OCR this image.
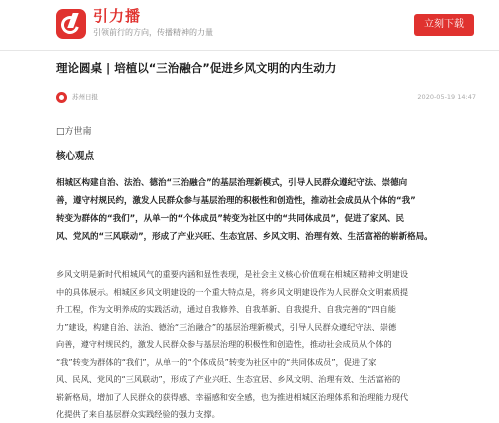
引力播
引领前行的方向，传播精神的力量
立刻下载
理论圆桌 | 培植以“三治融合”促进乡风文明的内生动力
苏州日报	2020-05-19 14:47
□方世南
核心观点
相城区构建自治、法治、德治“三治融合”的基层治理新模式，引导人民群众遵纪守法、崇德向
善，遵守村规民约，激发人民群众参与基层治理的积极性和创造性，推动社会成员从个体的“我”
转变为群体的“我们”，从单一的“个体成员”转变为社区中的“共同体成员”，促进了家风、民
风、党风的“三风联动”，形成了产业兴旺、生态宜居、乡风文明、治理有效、生活富裕的崭新格局。
乡风文明是新时代相城风气的重要内涵和显性表现，是社会主义核心价值观在相城区精神文明建设
中的具体展示。相城区乡风文明建设的一个重大特点是，将乡风文明建设作为人民群众文明素质提
升工程，作为文明养成的实践活动，通过自我修养、自我革新、自我提升、自我完善的“四自能
力”建设，构建自治、法治、德治“三治融合”的基层治理新模式，引导人民群众遵纪守法、崇德
向善，遵守村规民约，激发人民群众参与基层治理的积极性和创造性，推动社会成员从个体的
“我”转变为群体的“我们”，从单一的“个体成员”转变为社区中的“共同体成员”，促进了家
风、民风、党风的“三风联动”，形成了产业兴旺、生态宜居、乡风文明、治理有效、生活富裕的
崭新格局，增加了人民群众的获得感、幸福感和安全感，也为推进相城区治理体系和治理能力现代
化提供了来自基层群众实践经验的强力支撑。
